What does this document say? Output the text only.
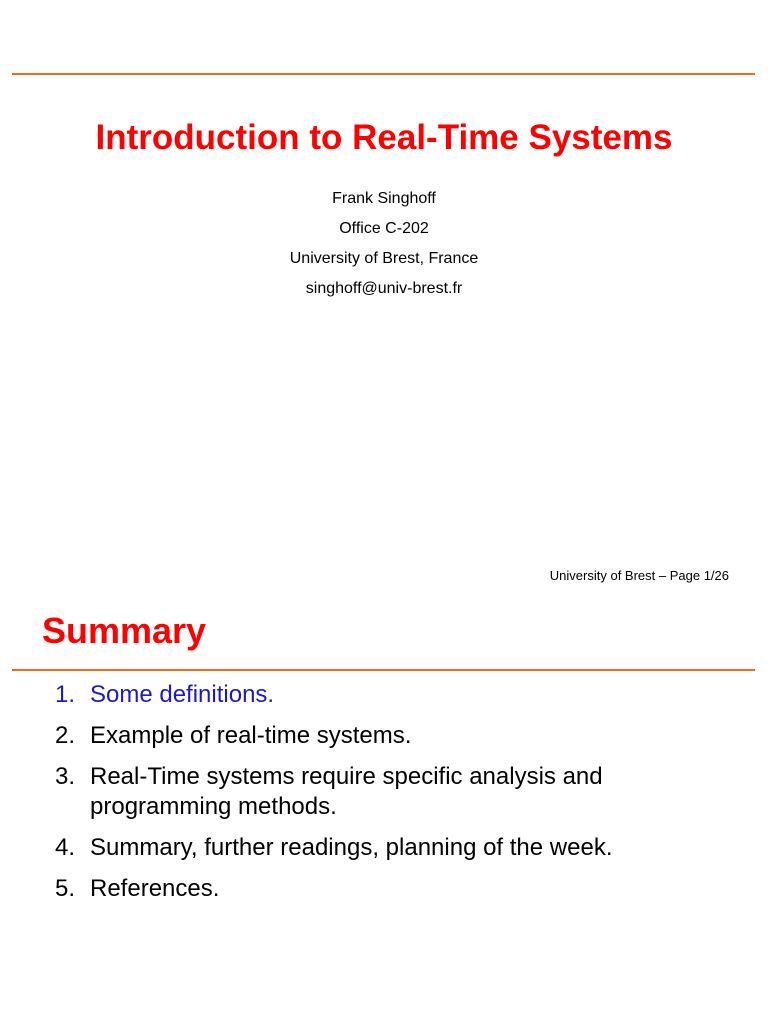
Introduction to Real-Time Systems
Frank Singhoff
Office C-202
University of Brest, France
singhoff@univ-brest.fr
University of Brest – Page 1/26
Summary
1. Some definitions.
2. Example of real-time systems.
3. Real-Time systems require specific analysis and programming methods.
4. Summary, further readings, planning of the week.
5. References.
